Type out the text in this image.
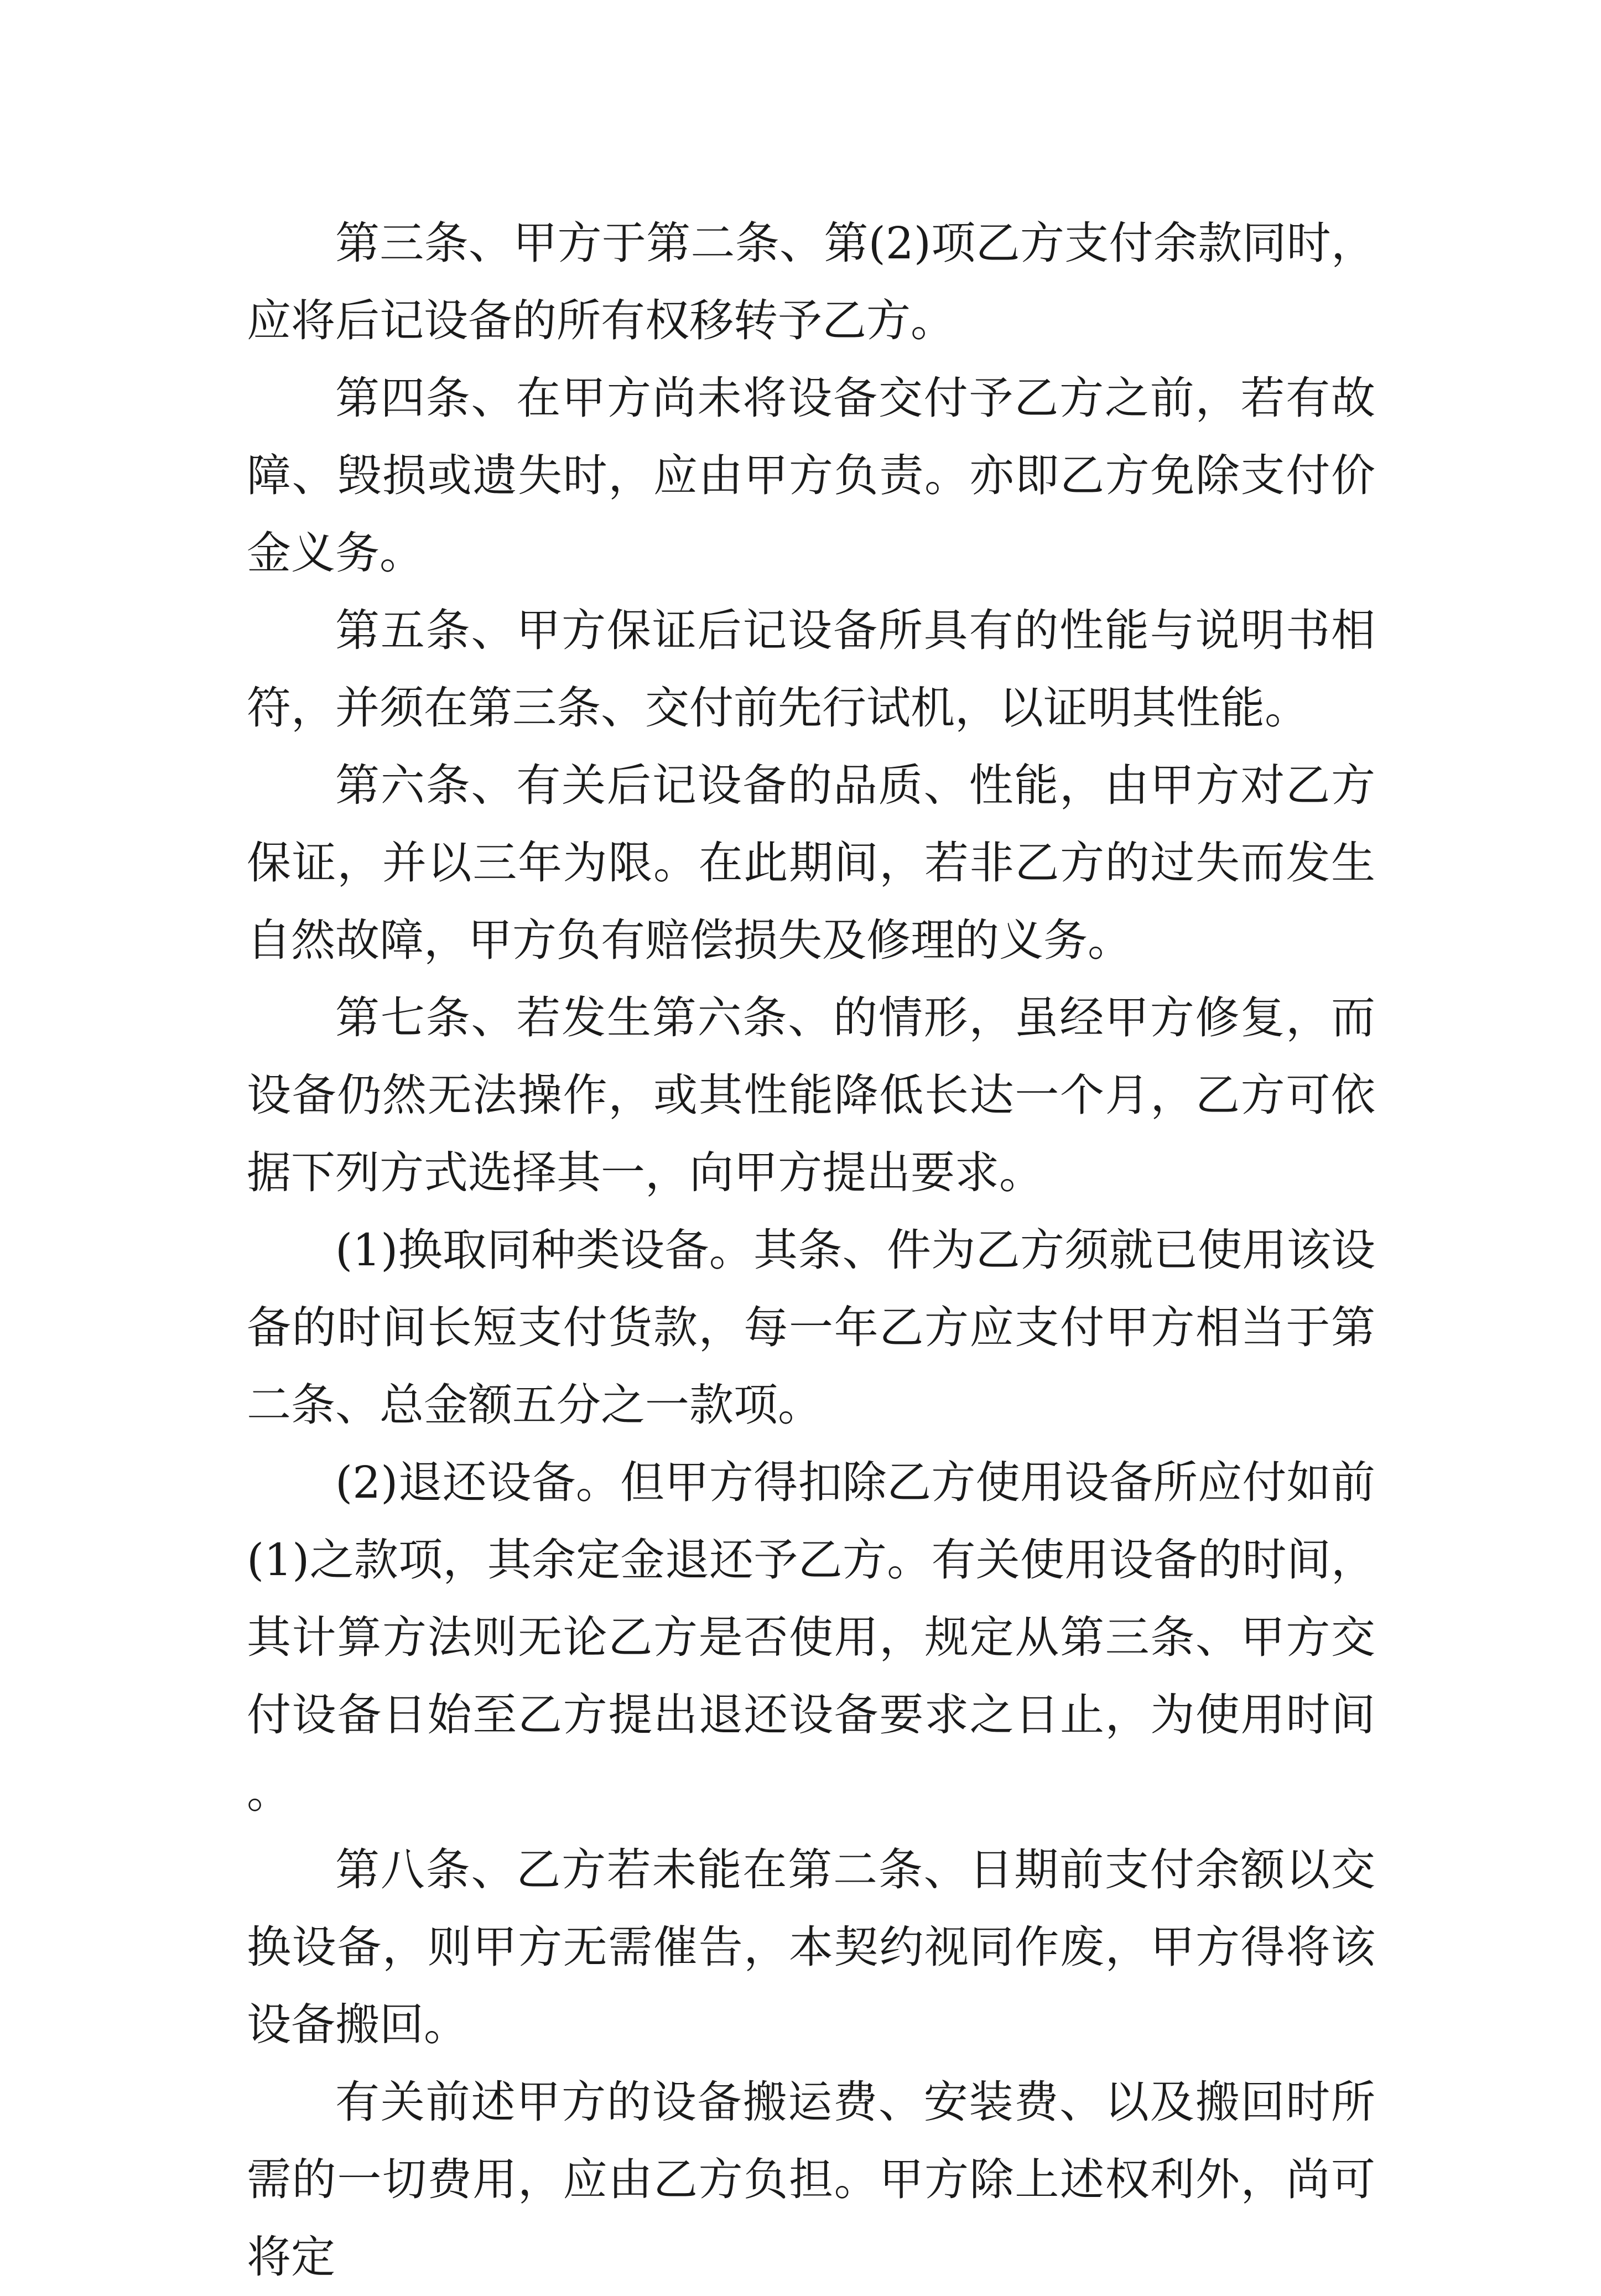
第三条、甲方于第二条、第(2)项乙方支付余款同时，应将后记设备的所有权移转予乙方。

第四条、在甲方尚未将设备交付予乙方之前，若有故障、毁损或遗失时，应由甲方负责。亦即乙方免除支付价金义务。

第五条、甲方保证后记设备所具有的性能与说明书相符，并须在第三条、交付前先行试机，以证明其性能。

第六条、有关后记设备的品质、性能，由甲方对乙方保证，并以三年为限。在此期间，若非乙方的过失而发生自然故障，甲方负有赔偿损失及修理的义务。

第七条、若发生第六条、的情形，虽经甲方修复，而设备仍然无法操作，或其性能降低长达一个月，乙方可依据下列方式选择其一，向甲方提出要求。

(1)换取同种类设备。其条、件为乙方须就已使用该设备的时间长短支付货款，每一年乙方应支付甲方相当于第二条、总金额五分之一款项。

(2)退还设备。但甲方得扣除乙方使用设备所应付如前(1)之款项，其余定金退还予乙方。有关使用设备的时间，其计算方法则无论乙方是否使用，规定从第三条、甲方交付设备日始至乙方提出退还设备要求之日止，为使用时间。

第八条、乙方若未能在第二条、日期前支付余额以交换设备，则甲方无需催告，本契约视同作废，甲方得将该设备搬回。

有关前述甲方的设备搬运费、安装费、以及搬回时所需的一切费用，应由乙方负担。甲方除上述权利外，尚可将定
